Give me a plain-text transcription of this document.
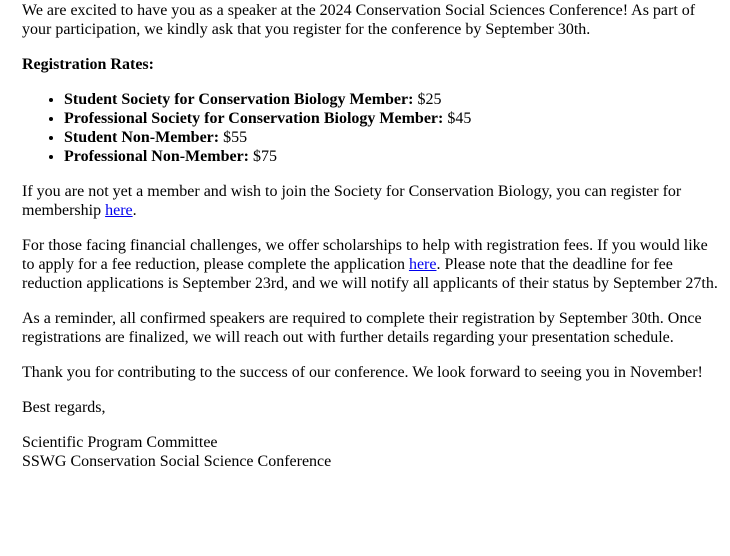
We are excited to have you as a speaker at the 2024 Conservation Social Sciences Conference! As part of your participation, we kindly ask that you register for the conference by September 30th.

Registration Rates:

• Student Society for Conservation Biology Member: $25
• Professional Society for Conservation Biology Member: $45
• Student Non-Member: $55
• Professional Non-Member: $75

If you are not yet a member and wish to join the Society for Conservation Biology, you can register for membership here.

For those facing financial challenges, we offer scholarships to help with registration fees. If you would like to apply for a fee reduction, please complete the application here. Please note that the deadline for fee reduction applications is September 23rd, and we will notify all applicants of their status by September 27th.

As a reminder, all confirmed speakers are required to complete their registration by September 30th. Once registrations are finalized, we will reach out with further details regarding your presentation schedule.

Thank you for contributing to the success of our conference. We look forward to seeing you in November!

Best regards,

Scientific Program Committee
SSWG Conservation Social Science Conference
